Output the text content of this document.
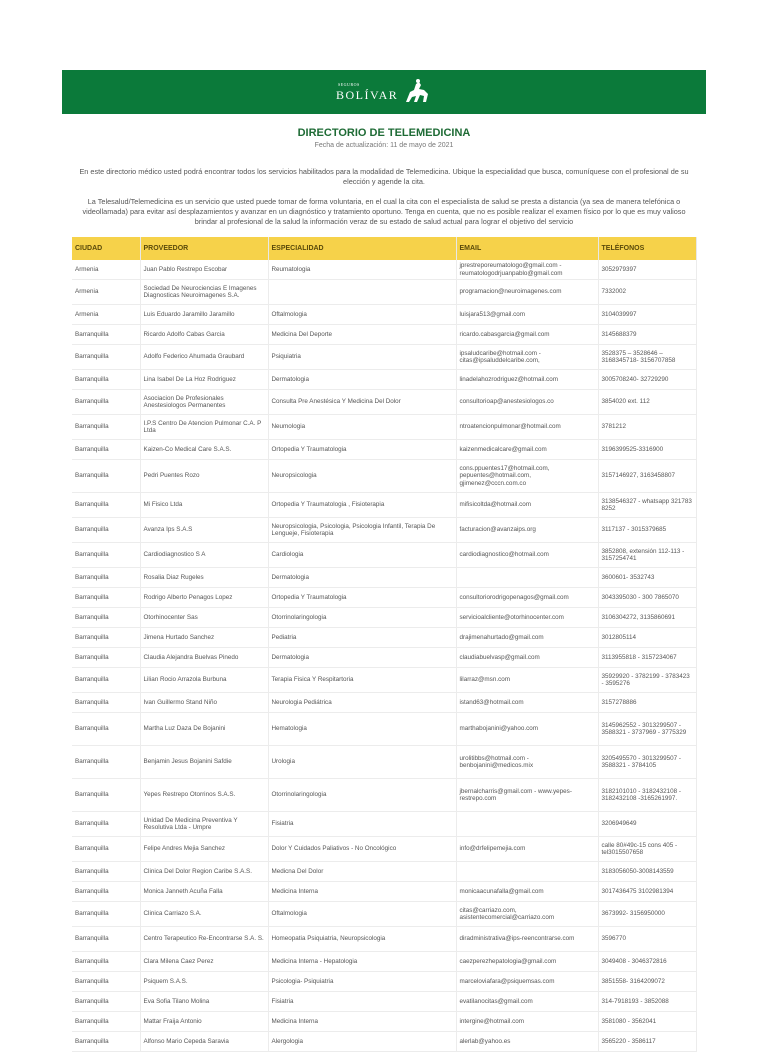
SEGUROS
BOLÍVAR
DIRECTORIO DE TELEMEDICINA
Fecha de actualización: 11 de mayo de 2021
En este directorio médico usted podrá encontrar todos los servicios habilitados para la modalidad de Telemedicina. Ubique la especialidad que busca, comuníquese con el profesional de su elección y agende la cita.
La Telesalud/Telemedicina es un servicio que usted puede tomar de forma voluntaria, en el cual la cita con el especialista de salud se presta a distancia (ya sea de manera telefónica o videollamada) para evitar así desplazamientos y avanzar en un diagnóstico y tratamiento oportuno. Tenga en cuenta, que no es posible realizar el examen físico por lo que es muy valioso brindar al profesional de la salud la información veraz de su estado de salud actual para lograr el objetivo del servicio
CIUDAD	PROVEEDOR	ESPECIALIDAD	EMAIL	TELÉFONOS
Armenia	Juan Pablo Restrepo Escobar	Reumatologia	jprestreporeumatologo@gmail.com - reumatologodrjuanpablo@gmail.com	3052979397
Armenia	Sociedad De Neurociencias E Imagenes Diagnosticas Neuroimagenes S.A.		programacion@neuroimagenes.com	7332002
Armenia	Luis Eduardo Jaramillo Jaramillo	Oftalmologia	luisjara513@gmail.com	3104039997
Barranquilla	Ricardo Adolfo Cabas Garcia	Medicina Del Deporte	ricardo.cabasgarcia@gmail.com	3145688379
Barranquilla	Adolfo Federico Ahumada Graubard	Psiquiatria	ipsaludcaribe@hotmail.com - citas@ipsaluddelcaribe.com,	3528375 – 3528646 – 3168345718- 3156707858
Barranquilla	Lina Isabel De La Hoz Rodriguez	Dermatologia	linadelahozrodriguez@hotmail.com	3005708240- 32729290
Barranquilla	Asociacion De Profesionales Anestesiologos Permanentes	Consulta Pre Anestésica Y Medicina Del Dolor	consultorioap@anestesiologos.co	3854020 ext. 112
Barranquilla	I.P.S Centro De Atencion Pulmonar C.A. P Ltda	Neumologia	ntroatencionpulmonar@hotmail.com	3781212
Barranquilla	Kaizen-Co Medical Care S.A.S.	Ortopedia Y Traumatologia	kaizenmedicalcare@gmail.com	3196399525-3316900
Barranquilla	Pedri Puentes Rozo	Neuropsicologia	cons.ppuentes17@hotmail.com, pepuentes@hotmail.com, gjimenez@cccn.com.co	3157146927, 3163458807
Barranquilla	Mi Fisico Ltda	Ortopedia Y Traumatologia , Fisioterapia	mifisicoltda@hotmail.com	3138546327 - whatsapp 321783 8252
Barranquilla	Avanza Ips S.A.S	Neuropsicologia, Psicologia, Psicologia Infantil, Terapia De Lengueje, Fisioterapia	facturacion@avanzaips.org	3117137 - 3015379685
Barranquilla	Cardiodiagnostico S A	Cardiologia	cardiodiagnostico@hotmail.com	3852808, extensión 112-113 - 3157254741
Barranquilla	Rosalia Diaz Rugeles	Dermatologia		3600601- 3532743
Barranquilla	Rodrigo Alberto Penagos Lopez	Ortopedia Y Traumatologia	consultoriorodrigopenagos@gmail.com	3043395030 - 300 7865070
Barranquilla	Otorhinocenter Sas	Otorrinolaringologia	servicioalcliente@otorhinocenter.com	3106304272, 3135860691
Barranquilla	Jimena Hurtado Sanchez	Pediatria	drajimenahurtado@gmail.com	3012805114
Barranquilla	Claudia Alejandra Buelvas Pinedo	Dermatologia	claudiabuelvasp@gmail.com	3113955818 - 3157234067
Barranquilla	Lilian Rocio Arrazola Burbuna	Terapia Fisica Y Respitartoria	lilarraz@msn.com	35929920 - 3782199 - 3783423 - 3595276
Barranquilla	Ivan Guillermo Stand Niño	Neurologia Pediátrica	istand63@hotmail.com	3157278886
Barranquilla	Martha Luz Daza De Bojanini	Hematologia	marthabojanini@yahoo.com	3145962552 - 3013299507 - 3588321 - 3737969 - 3775329
Barranquilla	Benjamin Jesus Bojanini Safdie	Urologia	urolitibbs@hotmail.com - benbojanini@medicos.mix	3205495570 - 3013299507 - 3588321 - 3784105
Barranquilla	Yepes Restrepo Otorrinos S.A.S.	Otorrinolaringologia	jbernalcharris@gmail.com - www.yepes-restrepo.com	3182101010 - 3182432108 - 3182432108 -3165261997.
Barranquilla	Unidad De Medicina Preventiva Y Resolutiva Ltda - Umpre	Fisiatria		3206949649
Barranquilla	Felipe Andres Mejia Sanchez	Dolor Y Cuidados Paliativos - No Oncológico	info@drfelipemejia.com	calle 80#49c-15 cons 405 - tel3015507658
Barranquilla	Clinica Del Dolor Region Caribe S.A.S.	Medicna Del Dolor		3183056050-3008143559
Barranquilla	Monica Janneth Acuña Falla	Medicina Interna	monicaacunafalla@gmail.com	3017436475 3102981394
Barranquilla	Clinica Carriazo S.A.	Oftalmologia	citas@carriazo.com, asistentecomercial@carriazo.com	3673992- 3156950000
Barranquilla	Centro Terapeutico Re-Encontrarse S.A. S.	Homeopatia Psiquiatria, Neuropsicologia	diradministrativa@ips-reencontrarse.com	3596770
Barranquilla	Clara Milena Caez Perez	Medicina Interna - Hepatologia	caezperezhepatologia@gmail.com	3049408 - 3046372816
Barranquilla	Psiquem S.A.S.	Psicologia- Psiquiatria	marceloviafara@psiquemsas.com	3851558- 3164209072
Barranquilla	Eva Sofia Tilano Molina	Fisiatria	evatilanocitas@gmail.com	314-7918193 - 3852088
Barranquilla	Mattar Fraija Antonio	Medicina Interna	intergine@hotmail.com	3581080 - 3562041
Barranquilla	Alfonso Mario Cepeda Saravia	Alergologia	alerlab@yahoo.es	3565220 - 3586117
